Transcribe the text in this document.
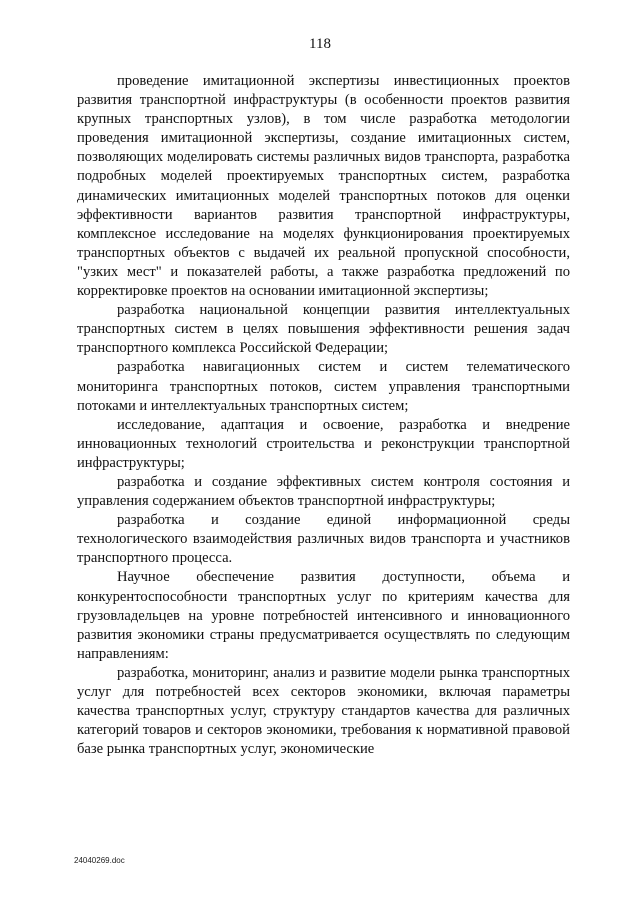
118

проведение имитационной экспертизы инвестиционных проектов развития транспортной инфраструктуры (в особенности проектов развития крупных транспортных узлов), в том числе разработка методологии проведения имитационной экспертизы, создание имитационных систем, позволяющих моделировать системы различных видов транспорта, разработка подробных моделей проектируемых транспортных систем, разработка динамических имитационных моделей транспортных потоков для оценки эффективности вариантов развития транспортной инфраструктуры, комплексное исследование на моделях функционирования проектируемых транспортных объектов с выдачей их реальной пропускной способности, "узких мест" и показателей работы, а также разработка предложений по корректировке проектов на основании имитационной экспертизы;

разработка национальной концепции развития интеллектуальных транспортных систем в целях повышения эффективности решения задач транспортного комплекса Российской Федерации;

разработка навигационных систем и систем телематического мониторинга транспортных потоков, систем управления транспортными потоками и интеллектуальных транспортных систем;

исследование, адаптация и освоение, разработка и внедрение инновационных технологий строительства и реконструкции транспортной инфраструктуры;

разработка и создание эффективных систем контроля состояния и управления содержанием объектов транспортной инфраструктуры;

разработка и создание единой информационной среды технологического взаимодействия различных видов транспорта и участников транспортного процесса.

Научное обеспечение развития доступности, объема и конкурентоспособности транспортных услуг по критериям качества для грузовладельцев на уровне потребностей интенсивного и инновационного развития экономики страны предусматривается осуществлять по следующим направлениям:

разработка, мониторинг, анализ и развитие модели рынка транспортных услуг для потребностей всех секторов экономики, включая параметры качества транспортных услуг, структуру стандартов качества для различных категорий товаров и секторов экономики, требования к нормативной правовой базе рынка транспортных услуг, экономические

24040269.doc
